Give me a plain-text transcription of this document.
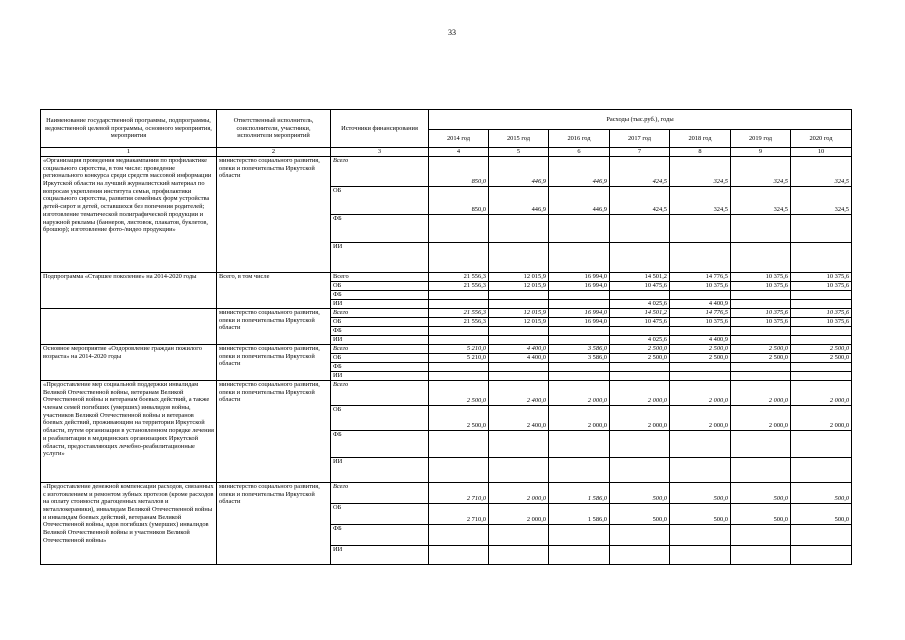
33
Наименование государственной программы, подпрограммы, ведомственной целевой программы, основного мероприятия, мероприятия	Ответственный исполнитель, соисполнители, участники, исполнители мероприятий	Источники финансирования	Расходы (тыс.руб.), годы						
			2014 год	2015 год	2016 год	2017 год	2018 год	2019 год	2020 год
1	2	3	4	5	6	7	8	9	10
«Организация проведения медиакампании по профилактике социального сиротства, в том числе: проведение регионального конкурса среди средств массовой информации Иркутской области на лучший журналистский материал по вопросам укрепления института семьи, профилактики социального сиротства, развития семейных форм устройства детей-сирот и детей, оставшихся без попечения родителей; изготовление тематической полиграфической продукции и наружной рекламы (баннеров, листовок, плакатов, буклетов, брошюр); изготовление фото-/видео продукции»	министерство социального развития, опеки и попечительства Иркутской области	Всего	850,0	446,9	446,9	424,5	324,5	324,5	324,5
		ОБ	850,0	446,9	446,9	424,5	324,5	324,5	324,5
		ФБ							
		ИИ							
Подпрограмма «Старшее поколение» на 2014-2020 годы	Всего, в том числе	Всего	21 556,3	12 015,9	16 994,0	14 501,2	14 776,5	10 375,6	10 375,6
		ОБ	21 556,3	12 015,9	16 994,0	10 475,6	10 375,6	10 375,6	10 375,6
		ФБ							
		ИИ				4 025,6	4 400,9		
	министерство социального развития, опеки и попечительства Иркутской области	Всего	21 556,3	12 015,9	16 994,0	14 501,2	14 776,5	10 375,6	10 375,6
		ОБ	21 556,3	12 015,9	16 994,0	10 475,6	10 375,6	10 375,6	10 375,6
		ФБ							
		ИИ				4 025,6	4 400,9		
Основное мероприятие «Оздоровление граждан пожилого возраста» на 2014-2020 годы	министерство социального развития, опеки и попечительства Иркутской области	Всего	5 210,0	4 400,0	3 586,0	2 500,0	2 500,0	2 500,0	2 500,0
		ОБ	5 210,0	4 400,0	3 586,0	2 500,0	2 500,0	2 500,0	2 500,0
		ФБ							
		ИИ							
«Предоставление мер социальной поддержки инвалидам Великой Отечественной войны, ветеранам Великой Отечественной войны и ветеранам боевых действий, а также членам семей погибших (умерших) инвалидов войны, участников Великой Отечественной войны и ветеранов боевых действий, проживающим на территории Иркутской области, путем организации в установленном порядке лечения и реабилитации в медицинских организациях Иркутской области, предоставляющих лечебно-реабилитационные услуги»	министерство социального развития, опеки и попечительства Иркутской области	Всего	2 500,0	2 400,0	2 000,0	2 000,0	2 000,0	2 000,0	2 000,0
		ОБ	2 500,0	2 400,0	2 000,0	2 000,0	2 000,0	2 000,0	2 000,0
		ФБ							
		ИИ							
«Предоставление денежной компенсации расходов, связанных с изготовлением и ремонтом зубных протезов (кроме расходов на оплату стоимости драгоценных металлов и металлокерамики), инвалидам Великой Отечественной войны и инвалидам боевых действий, ветеранам Великой Отечественной войны, вдов погибших (умерших) инвалидов Великой Отечественной войны и участников Великой Отечественной войны»	министерство социального развития, опеки и попечительства Иркутской области	Всего	2 710,0	2 000,0	1 586,0	500,0	500,0	500,0	500,0
		ОБ	2 710,0	2 000,0	1 586,0	500,0	500,0	500,0	500,0
		ФБ							
		ИИ							
